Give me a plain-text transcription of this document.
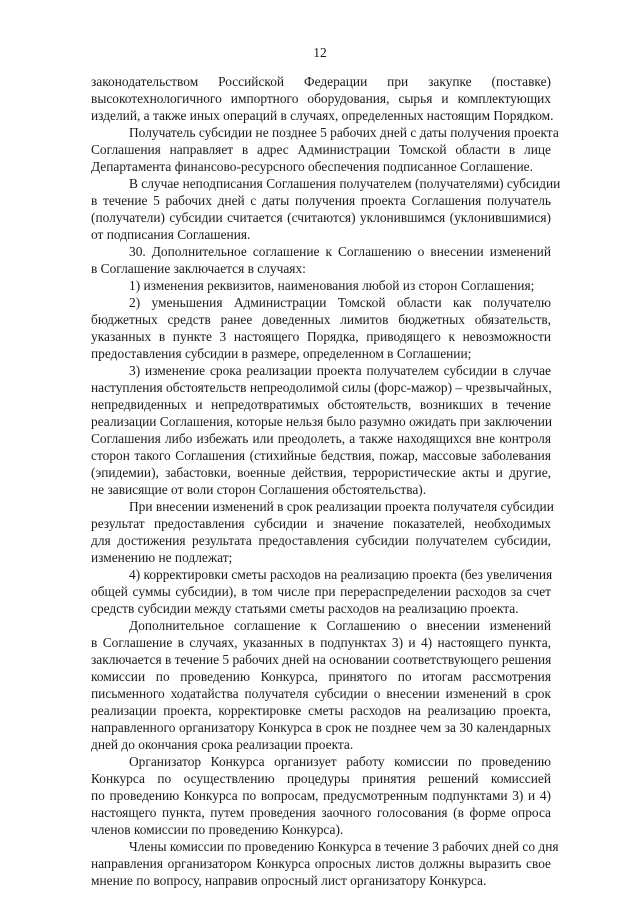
12
законодательством Российской Федерации при закупке (поставке)
высокотехнологичного импортного оборудования, сырья и комплектующих
изделий, а также иных операций в случаях, определенных настоящим Порядком.
Получатель субсидии не позднее 5 рабочих дней с даты получения проекта
Соглашения направляет в адрес Администрации Томской области в лице
Департамента финансово-ресурсного обеспечения подписанное Соглашение.
В случае неподписания Соглашения получателем (получателями) субсидии
в течение 5 рабочих дней с даты получения проекта Соглашения получатель
(получатели) субсидии считается (считаются) уклонившимся (уклонившимися)
от подписания Соглашения.
30. Дополнительное соглашение к Соглашению о внесении изменений
в Соглашение заключается в случаях:
1) изменения реквизитов, наименования любой из сторон Соглашения;
2) уменьшения Администрации Томской области как получателю
бюджетных средств ранее доведенных лимитов бюджетных обязательств,
указанных в пункте 3 настоящего Порядка, приводящего к невозможности
предоставления субсидии в размере, определенном в Соглашении;
3) изменение срока реализации проекта получателем субсидии в случае
наступления обстоятельств непреодолимой силы (форс-мажор) – чрезвычайных,
непредвиденных и непредотвратимых обстоятельств, возникших в течение
реализации Соглашения, которые нельзя было разумно ожидать при заключении
Соглашения либо избежать или преодолеть, а также находящихся вне контроля
сторон такого Соглашения (стихийные бедствия, пожар, массовые заболевания
(эпидемии), забастовки, военные действия, террористические акты и другие,
не зависящие от воли сторон Соглашения обстоятельства).
При внесении изменений в срок реализации проекта получателя субсидии
результат предоставления субсидии и значение показателей, необходимых
для достижения результата предоставления субсидии получателем субсидии,
изменению не подлежат;
4) корректировки сметы расходов на реализацию проекта (без увеличения
общей суммы субсидии), в том числе при перераспределении расходов за счет
средств субсидии между статьями сметы расходов на реализацию проекта.
Дополнительное соглашение к Соглашению о внесении изменений
в Соглашение в случаях, указанных в подпунктах 3) и 4) настоящего пункта,
заключается в течение 5 рабочих дней на основании соответствующего решения
комиссии по проведению Конкурса, принятого по итогам рассмотрения
письменного ходатайства получателя субсидии о внесении изменений в срок
реализации проекта, корректировке сметы расходов на реализацию проекта,
направленного организатору Конкурса в срок не позднее чем за 30 календарных
дней до окончания срока реализации проекта.
Организатор Конкурса организует работу комиссии по проведению
Конкурса по осуществлению процедуры принятия решений комиссией
по проведению Конкурса по вопросам, предусмотренным подпунктами 3) и 4)
настоящего пункта, путем проведения заочного голосования (в форме опроса
членов комиссии по проведению Конкурса).
Члены комиссии по проведению Конкурса в течение 3 рабочих дней со дня
направления организатором Конкурса опросных листов должны выразить свое
мнение по вопросу, направив опросный лист организатору Конкурса.
